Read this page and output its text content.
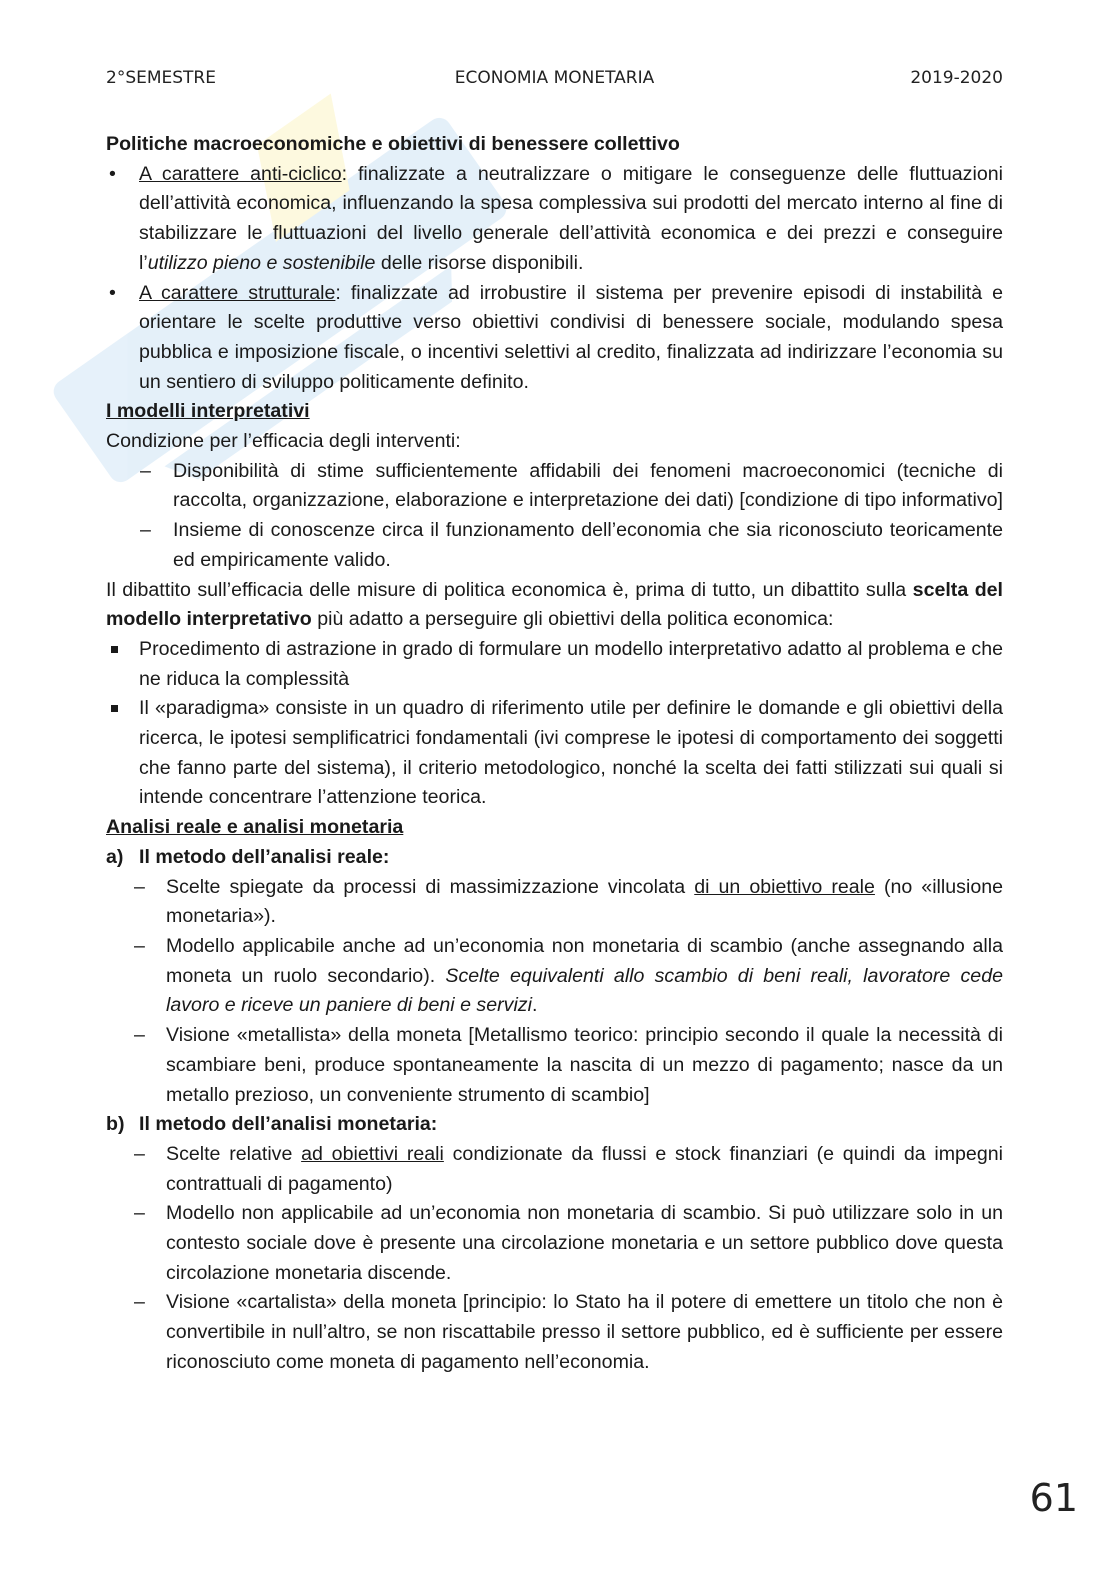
2°SEMESTRE	ECONOMIA MONETARIA	2019-2020

Politiche macroeconomiche e obiettivi di benessere collettivo

• A carattere anti-ciclico: finalizzate a neutralizzare o mitigare le conseguenze delle fluttuazioni dell’attività economica, influenzando la spesa complessiva sui prodotti del mercato interno al fine di stabilizzare le fluttuazioni del livello generale dell’attività economica e dei prezzi e conseguire l’utilizzo pieno e sostenibile delle risorse disponibili.
• A carattere strutturale: finalizzate ad irrobustire il sistema per prevenire episodi di instabilità e orientare le scelte produttive verso obiettivi condivisi di benessere sociale, modulando spesa pubblica e imposizione fiscale, o incentivi selettivi al credito, finalizzata ad indirizzare l’economia su un sentiero di sviluppo politicamente definito.

I modelli interpretativi

Condizione per l’efficacia degli interventi:

– Disponibilità di stime sufficientemente affidabili dei fenomeni macroeconomici (tecniche di raccolta, organizzazione, elaborazione e interpretazione dei dati) [condizione di tipo informativo]
– Insieme di conoscenze circa il funzionamento dell’economia che sia riconosciuto teoricamente ed empiricamente valido.

Il dibattito sull’efficacia delle misure di politica economica è, prima di tutto, un dibattito sulla scelta del modello interpretativo più adatto a perseguire gli obiettivi della politica economica:

Procedimento di astrazione in grado di formulare un modello interpretativo adatto al problema e che ne riduca la complessità
Il «paradigma» consiste in un quadro di riferimento utile per definire le domande e gli obiettivi della ricerca, le ipotesi semplificatrici fondamentali (ivi comprese le ipotesi di comportamento dei soggetti che fanno parte del sistema), il criterio metodologico, nonché la scelta dei fatti stilizzati sui quali si intende concentrare l’attenzione teorica.

Analisi reale e analisi monetaria

a) Il metodo dell’analisi reale:

– Scelte spiegate da processi di massimizzazione vincolata di un obiettivo reale (no «illusione monetaria»).
– Modello applicabile anche ad un’economia non monetaria di scambio (anche assegnando alla moneta un ruolo secondario). Scelte equivalenti allo scambio di beni reali, lavoratore cede lavoro e riceve un paniere di beni e servizi.
– Visione «metallista» della moneta [Metallismo teorico: principio secondo il quale la necessità di scambiare beni, produce spontaneamente la nascita di un mezzo di pagamento; nasce da un metallo prezioso, un conveniente strumento di scambio]

b) Il metodo dell’analisi monetaria:

– Scelte relative ad obiettivi reali condizionate da flussi e stock finanziari (e quindi da impegni contrattuali di pagamento)
– Modello non applicabile ad un’economia non monetaria di scambio. Si può utilizzare solo in un contesto sociale dove è presente una circolazione monetaria e un settore pubblico dove questa circolazione monetaria discende.
– Visione «cartalista» della moneta [principio: lo Stato ha il potere di emettere un titolo che non è convertibile in null’altro, se non riscattabile presso il settore pubblico, ed è sufficiente per essere riconosciuto come moneta di pagamento nell’economia.
61
